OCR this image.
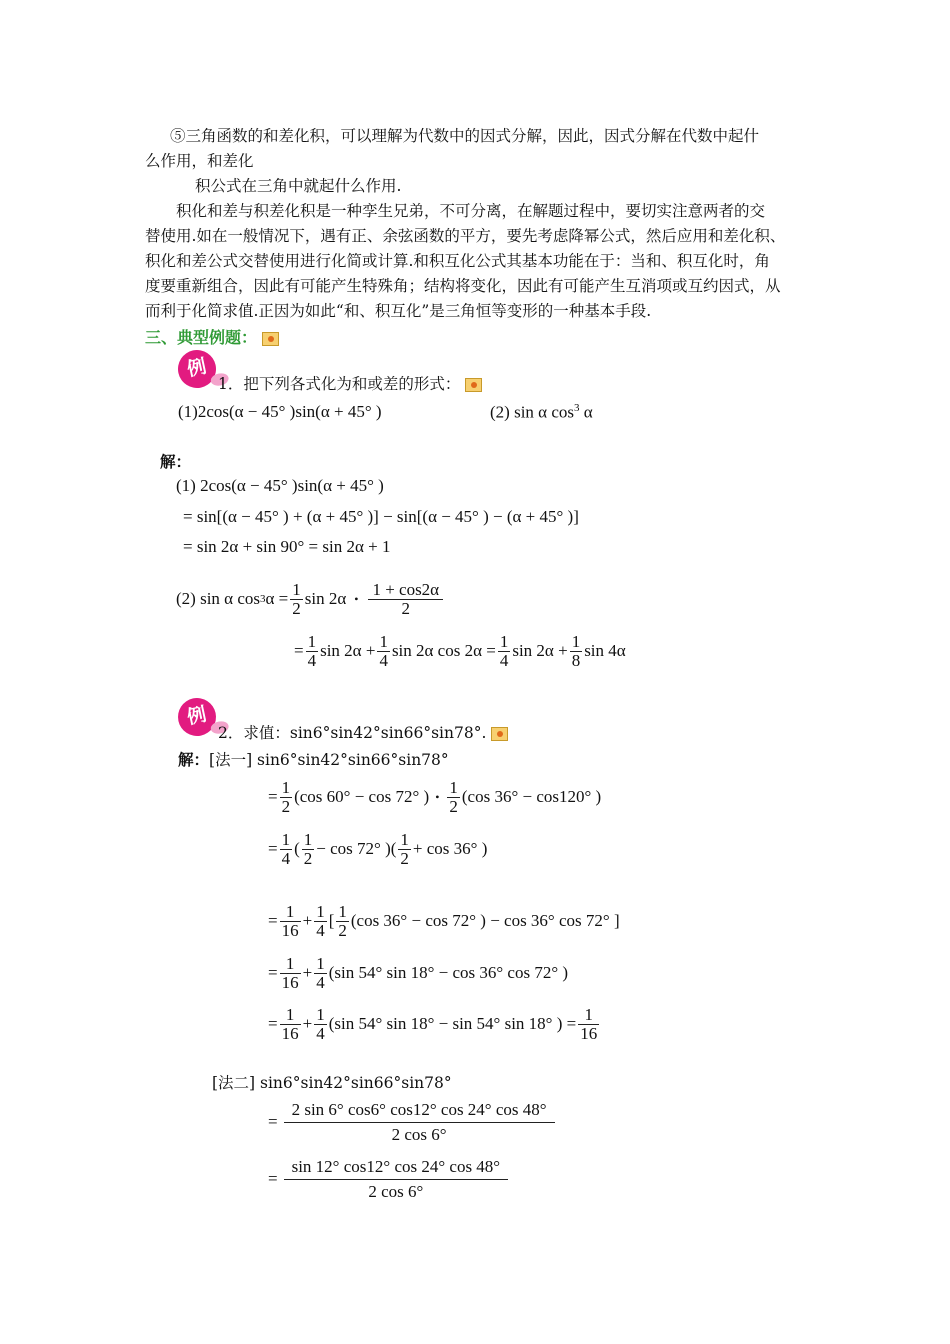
⑤三角函数的和差化积，可以理解为代数中的因式分解，因此，因式分解在代数中起什
么作用，和差化
积公式在三角中就起什么作用.
积化和差与积差化积是一种孪生兄弟，不可分离，在解题过程中，要切实注意两者的交
替使用.如在一般情况下，遇有正、余弦函数的平方，要先考虑降幂公式，然后应用和差化积、
积化和差公式交替使用进行化简或计算.和积互化公式其基本功能在于：当和、积互化时，角
度要重新组合，因此有可能产生特殊角；结构将变化，因此有可能产生互消项或互约因式，从
而利于化简求值.正因为如此“和、积互化”是三角恒等变形的一种基本手段.
三、典型例题：
例
1．把下列各式化为和或差的形式：
(1)2cos(α − 45° )sin(α + 45° )	(2) sin α $\cos^3 \alpha$
解：
(1) 2cos(α − 45° )sin(α + 45° )
= sin[(α − 45° ) + (α + 45° )] − sin[(α − 45° ) − (α + 45° )]
= sin 2α + sin 90° = sin 2α + 1
(2) sin α cos 3 $\alpha = \frac{1}{2}$ sin 2α • $\frac{1 + \cos 2\alpha}{2}$
= $\frac{1}{4}$ $\sin 2\alpha + \frac{1}{4}$ sin 2α $\cos 2\alpha = \frac{1}{4}$ $\sin 2\alpha + \frac{1}{8}$ sin 4α
例
2．求值：sin6°sin42°sin66°sin78°.
解：[法一] sin6°sin42°sin66°sin78°
= $\frac{1}{2} (\cos$ 60° − cos 72° ) • $\frac{1}{2} (\cos$ 36° − cos120° )
= $\frac{1}{4}$ ( $\frac{1}{2} - \cos 72^\circ$ )( $\frac{1}{2} + \cos 36^\circ$ )
= $\frac{1}{16} + \frac{1}{4}$ [ $\frac{1}{2} (\cos$ 36° − cos 72° ) − cos 36° cos 72° ]
= $\frac{1}{16} + \frac{1}{4} (\sin$ 54° sin 18° − cos 36° cos 72° )
= $\frac{1}{16} + \frac{1}{4} (\sin$ 54° sin 18° − sin 54° sin 18° ) = $\frac{1}{16}$
[法二] sin6°sin42°sin66°sin78°
= $\frac{2 \sin 6^\circ \cos 6^\circ \cos 12^\circ \cos 24^\circ \cos 48^\circ}{2 \cos 6^\circ}$
= $\frac{\sin 12^\circ \cos 12^\circ \cos 24^\circ \cos 48^\circ}{2 \cos 6^\circ}$
